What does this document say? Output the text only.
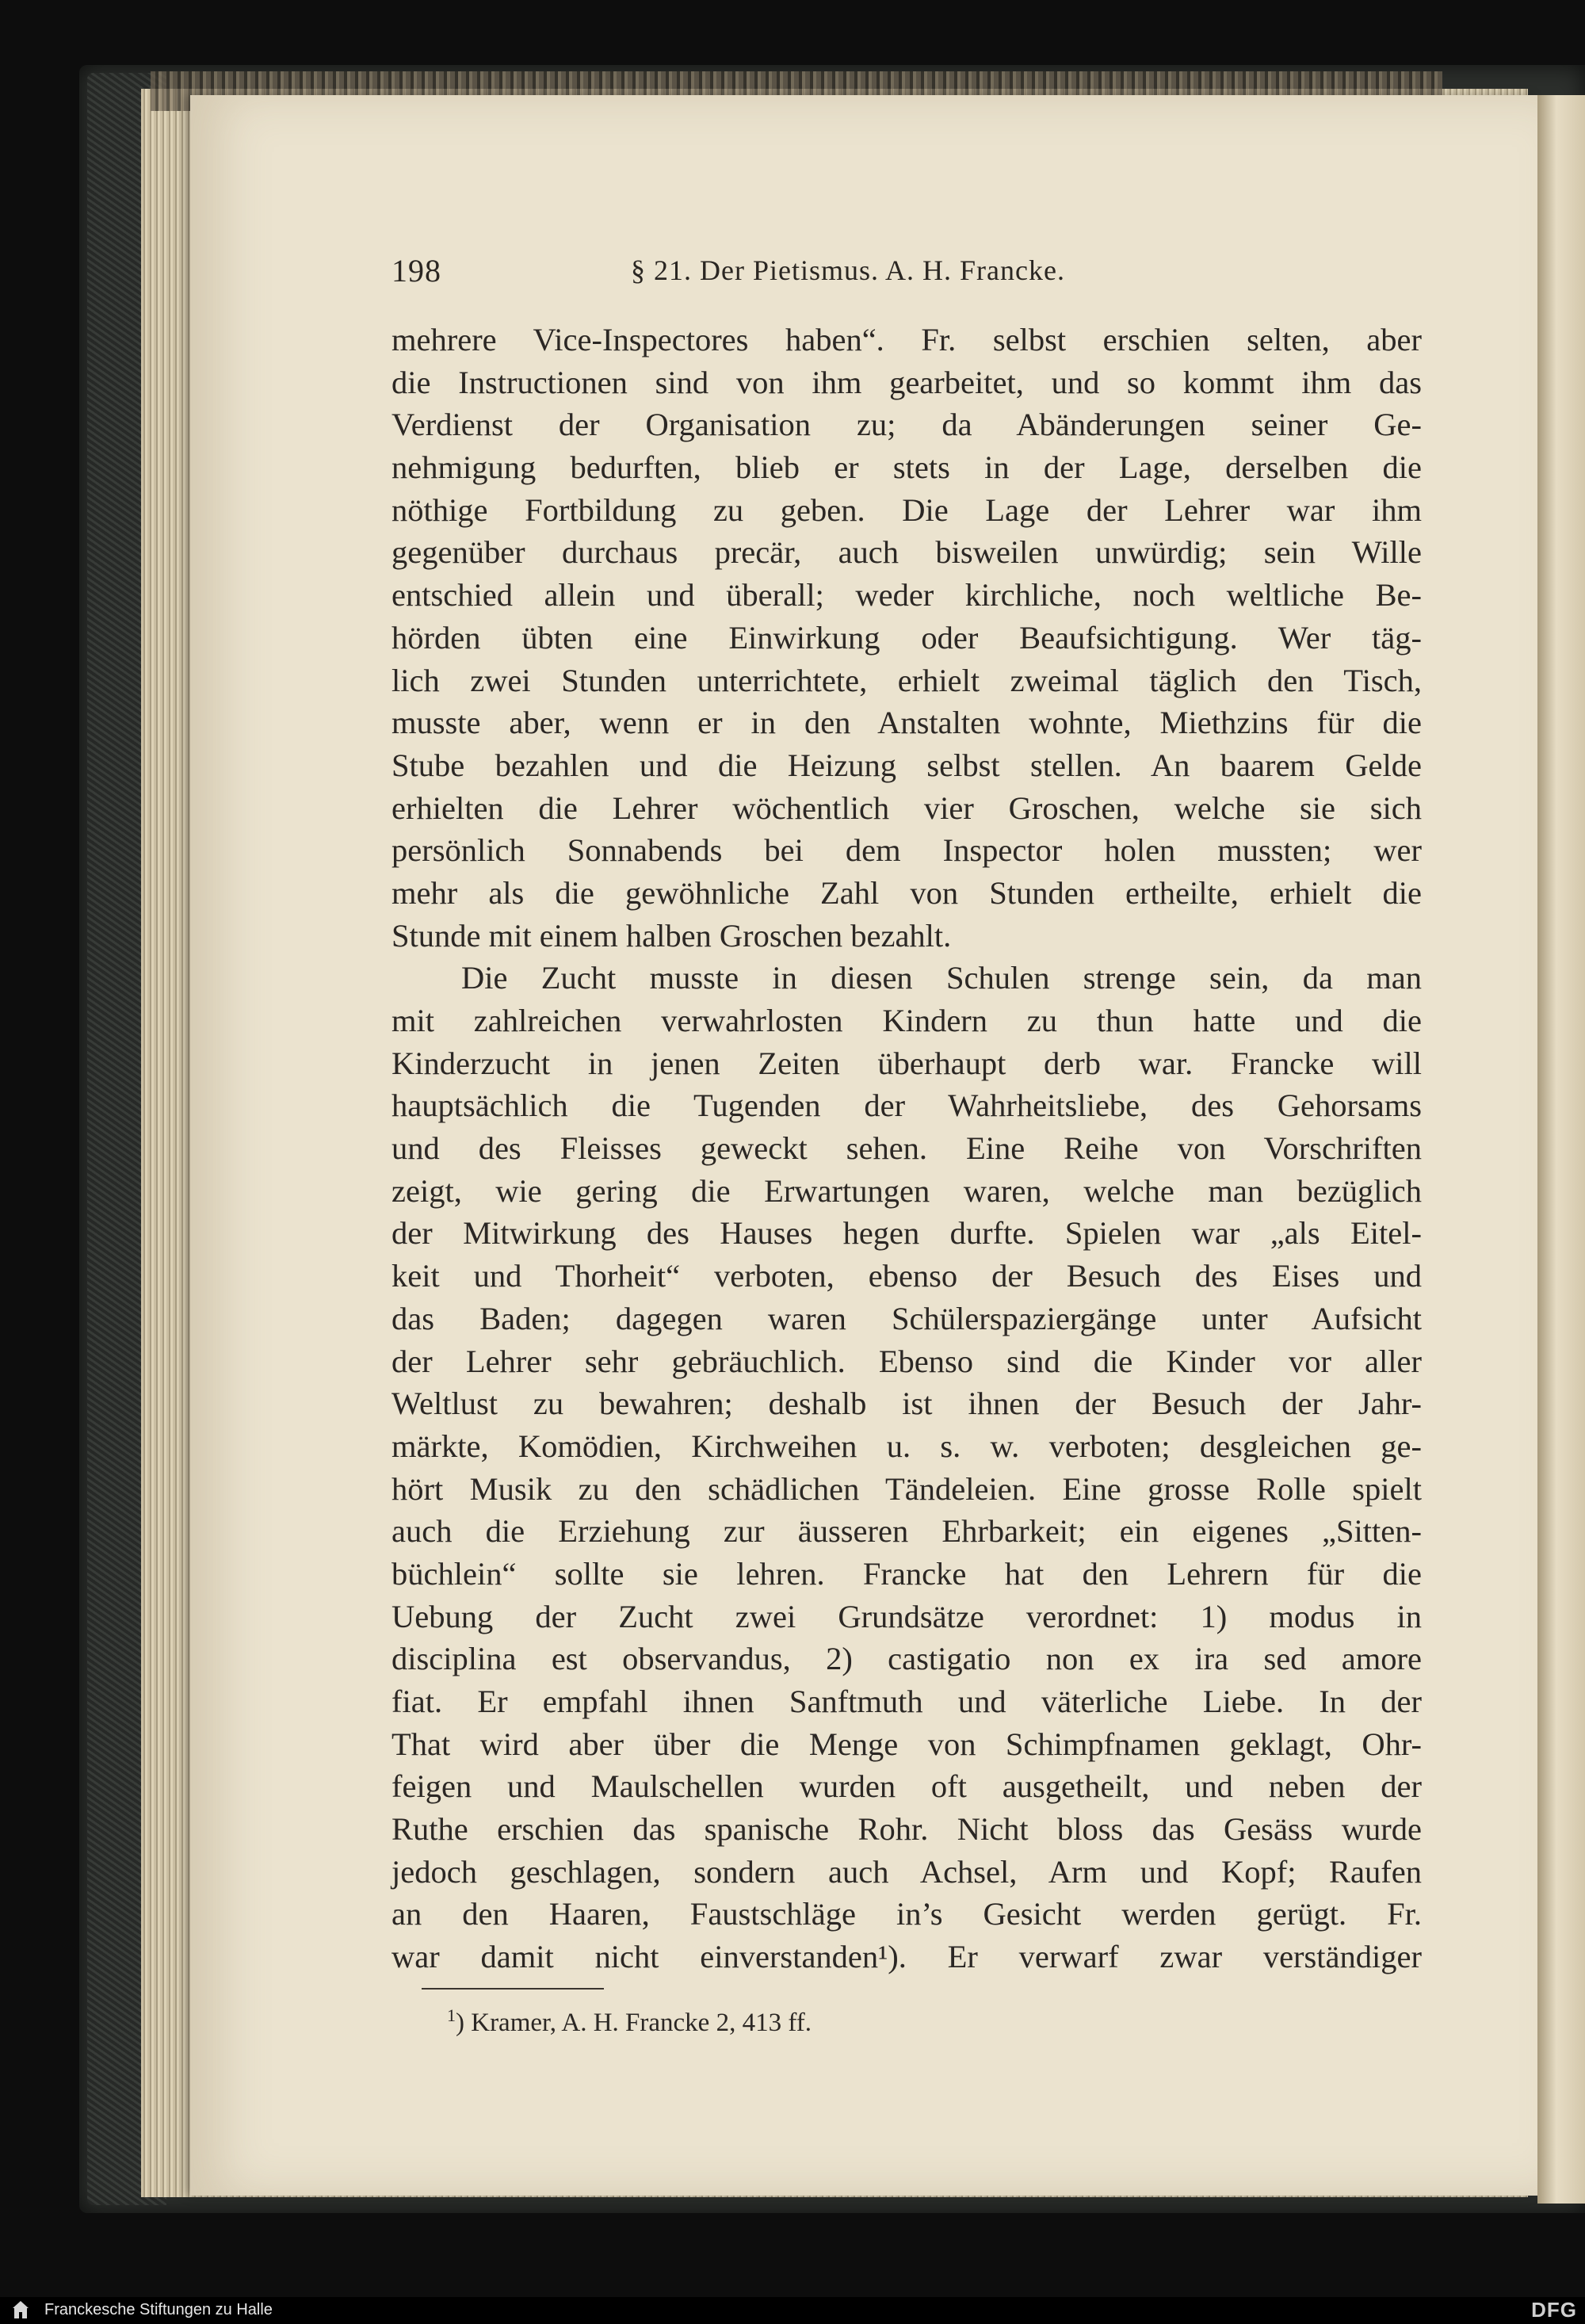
198	§ 21. Der Pietismus. A. H. Francke.
mehrere Vice-Inspectores haben“. Fr. selbst erschien selten, aber
die Instructionen sind von ihm gearbeitet, und so kommt ihm das
Verdienst der Organisation zu; da Abänderungen seiner Ge-
nehmigung bedurften, blieb er stets in der Lage, derselben die
nöthige Fortbildung zu geben. Die Lage der Lehrer war ihm
gegenüber durchaus precär, auch bisweilen unwürdig; sein Wille
entschied allein und überall; weder kirchliche, noch weltliche Be-
hörden übten eine Einwirkung oder Beaufsichtigung. Wer täg-
lich zwei Stunden unterrichtete, erhielt zweimal täglich den Tisch,
musste aber, wenn er in den Anstalten wohnte, Miethzins für die
Stube bezahlen und die Heizung selbst stellen. An baarem Gelde
erhielten die Lehrer wöchentlich vier Groschen, welche sie sich
persönlich Sonnabends bei dem Inspector holen mussten; wer
mehr als die gewöhnliche Zahl von Stunden ertheilte, erhielt die
Stunde mit einem halben Groschen bezahlt.
Die Zucht musste in diesen Schulen strenge sein, da man
mit zahlreichen verwahrlosten Kindern zu thun hatte und die
Kinderzucht in jenen Zeiten überhaupt derb war. Francke will
hauptsächlich die Tugenden der Wahrheitsliebe, des Gehorsams
und des Fleisses geweckt sehen. Eine Reihe von Vorschriften
zeigt, wie gering die Erwartungen waren, welche man bezüglich
der Mitwirkung des Hauses hegen durfte. Spielen war „als Eitel-
keit und Thorheit“ verboten, ebenso der Besuch des Eises und
das Baden; dagegen waren Schülerspaziergänge unter Aufsicht
der Lehrer sehr gebräuchlich. Ebenso sind die Kinder vor aller
Weltlust zu bewahren; deshalb ist ihnen der Besuch der Jahr-
märkte, Komödien, Kirchweihen u. s. w. verboten; desgleichen ge-
hört Musik zu den schädlichen Tändeleien. Eine grosse Rolle spielt
auch die Erziehung zur äusseren Ehrbarkeit; ein eigenes „Sitten-
büchlein“ sollte sie lehren. Francke hat den Lehrern für die
Uebung der Zucht zwei Grundsätze verordnet: 1) modus in
disciplina est observandus, 2) castigatio non ex ira sed amore
fiat. Er empfahl ihnen Sanftmuth und väterliche Liebe. In der
That wird aber über die Menge von Schimpfnamen geklagt, Ohr-
feigen und Maulschellen wurden oft ausgetheilt, und neben der
Ruthe erschien das spanische Rohr. Nicht bloss das Gesäss wurde
jedoch geschlagen, sondern auch Achsel, Arm und Kopf; Raufen
an den Haaren, Faustschläge in’s Gesicht werden gerügt. Fr.
war damit nicht einverstanden¹). Er verwarf zwar verständiger
$^1$) Kramer, A. H. Francke 2, 413 ff.
Franckesche Stiftungen zu Halle	DFG
